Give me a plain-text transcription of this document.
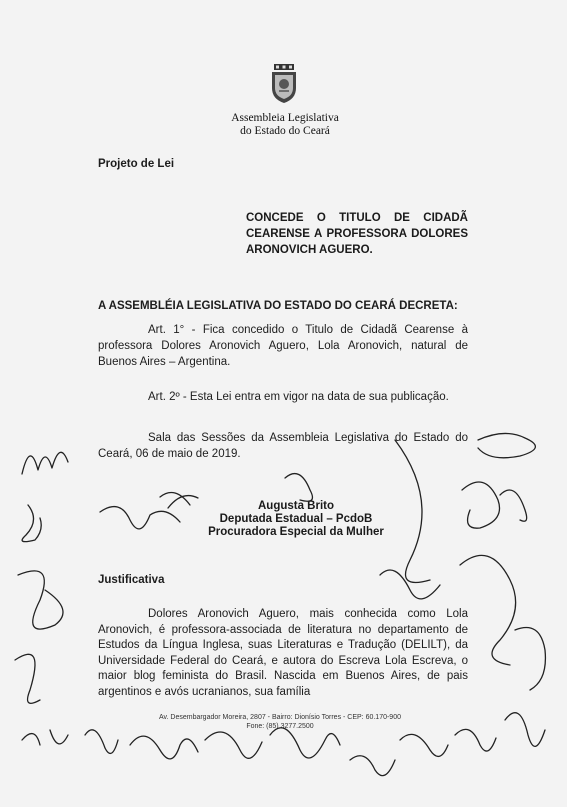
Assembleia Legislativa
do Estado do Ceará
Projeto de Lei
CONCEDE O TITULO DE CIDADÃ CEARENSE A PROFESSORA DOLORES ARONOVICH AGUERO.
A ASSEMBLÉIA LEGISLATIVA DO ESTADO DO CEARÁ DECRETA:
Art. 1° - Fica concedido o Titulo de Cidadã Cearense à professora Dolores Aronovich Aguero, Lola Aronovich, natural de Buenos Aires – Argentina.
Art. 2º - Esta Lei entra em vigor na data de sua publicação.
Sala das Sessões da Assembleia Legislativa do Estado do Ceará, 06 de maio de 2019.
Augusta Brito
Deputada Estadual – PcdoB
Procuradora Especial da Mulher
Justificativa
Dolores Aronovich Aguero, mais conhecida como Lola Aronovich, é professora-associada de literatura no departamento de Estudos da Língua Inglesa, suas Literaturas e Tradução (DELILT), da Universidade Federal do Ceará, e autora do Escreva Lola Escreva, o maior blog feminista do Brasil. Nascida em Buenos Aires, de pais argentinos e avós ucranianos, sua família
Av. Desembargador Moreira, 2807 - Bairro: Dionísio Torres - CEP: 60.170-900
Fone: (85) 3277.2500
